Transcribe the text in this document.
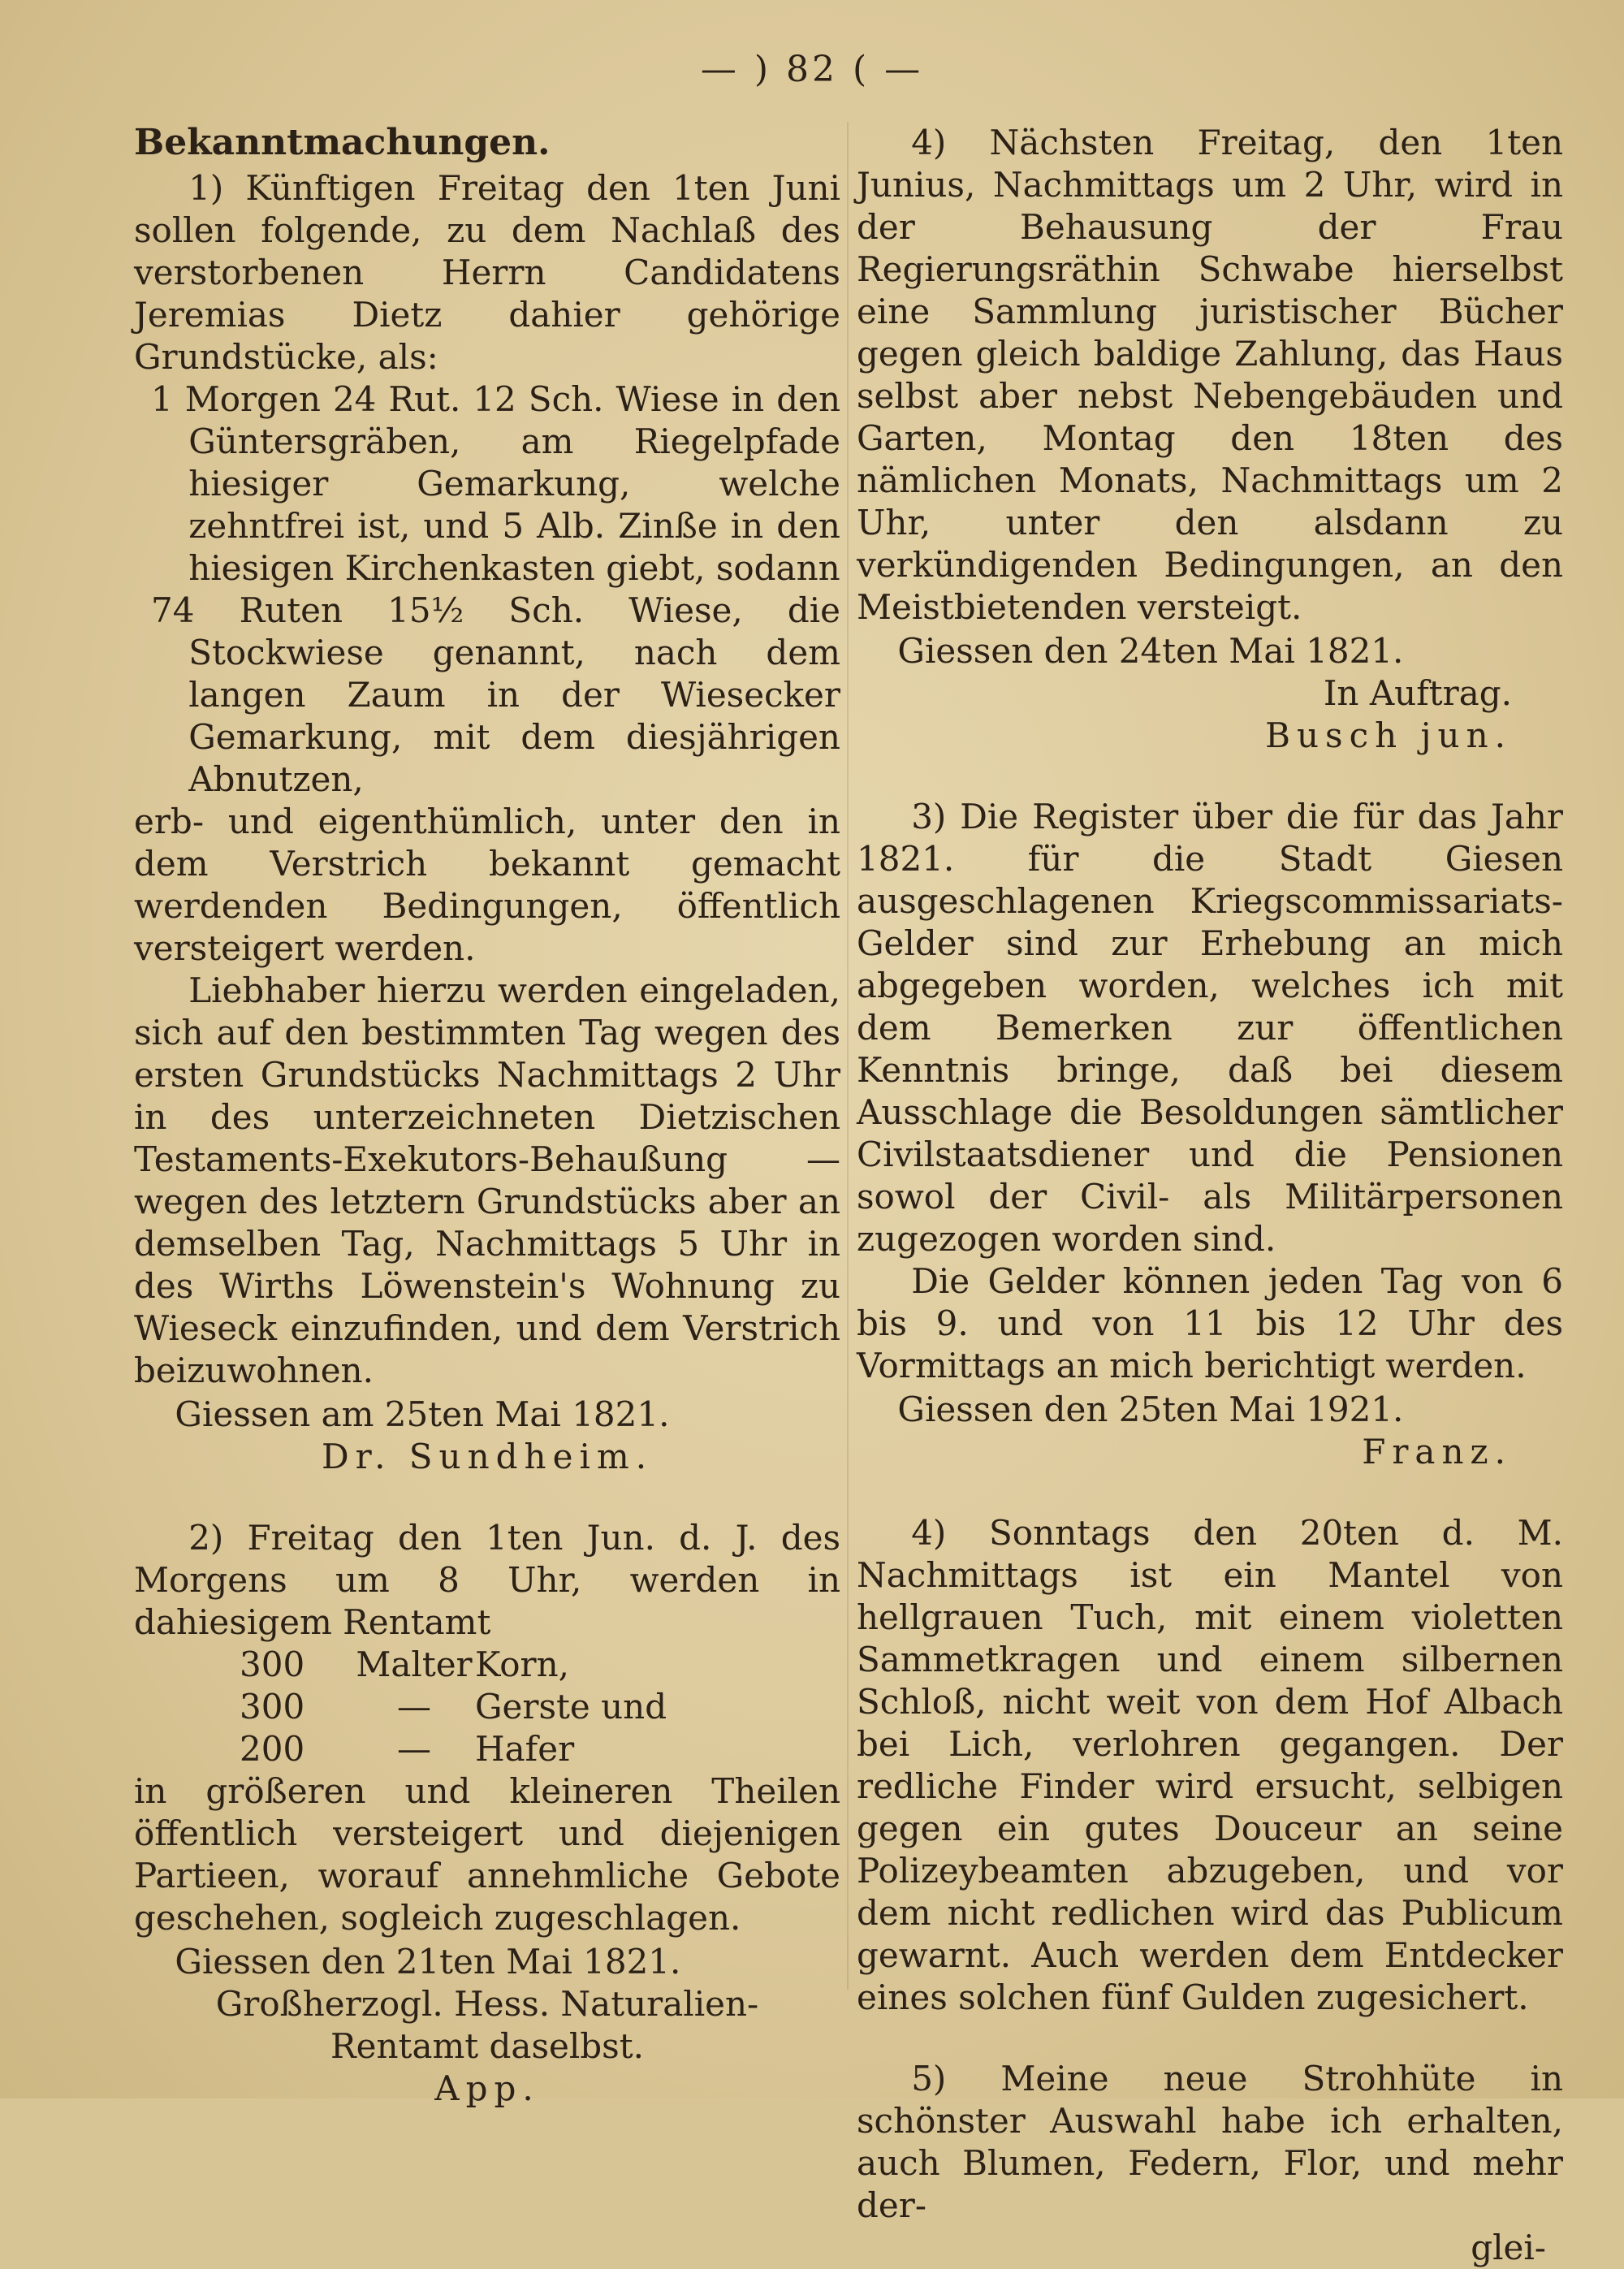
— ) 82 ( —

Bekanntmachungen.

1) Künftigen Freitag den 1ten Juni sollen folgende, zu dem Nachlaß des verstorbenen Herrn Candidatens Jeremias Dietz dahier gehörige Grundstücke, als:

1 Morgen 24 Rut. 12 Sch. Wiese in den Güntersgräben, am Riegelpfade hiesiger Gemarkung, welche zehntfrei ist, und 5 Alb. Zinße in den hiesigen Kirchenkasten giebt, sodann

74 Ruten 15½ Sch. Wiese, die Stockwiese genannt, nach dem langen Zaum in der Wiesecker Gemarkung, mit dem diesjährigen Abnutzen,

erb- und eigenthümlich, unter den in dem Verstrich bekannt gemacht werdenden Bedingungen, öffentlich versteigert werden.

Liebhaber hierzu werden eingeladen, sich auf den bestimmten Tag wegen des ersten Grundstücks Nachmittags 2 Uhr in des unterzeichneten Dietzischen Testaments-Exekutors-Behaußung — wegen des letztern Grundstücks aber an demselben Tag, Nachmittags 5 Uhr in des Wirths Löwenstein's Wohnung zu Wieseck einzufinden, und dem Verstrich beizuwohnen.

Giessen am 25ten Mai 1821.

Dr. Sundheim.

2) Freitag den 1ten Jun. d. J. des Morgens um 8 Uhr, werden in dahiesigem Rentamt

300	Malter Korn,
300	—	Gerste und
200	—	Hafer

in größeren und kleineren Theilen öffentlich versteigert und diejenigen Partieen, worauf annehmliche Gebote geschehen, sogleich zugeschlagen.

Giessen den 21ten Mai 1821.

Großherzogl. Hess. Naturalien-

Rentamt daselbst.

App.

4) Nächsten Freitag, den 1ten Junius, Nachmittags um 2 Uhr, wird in der Behausung der Frau Regierungsräthin Schwabe hierselbst eine Sammlung juristischer Bücher gegen gleich baldige Zahlung, das Haus selbst aber nebst Nebengebäuden und Garten, Montag den 18ten des nämlichen Monats, Nachmittags um 2 Uhr, unter den alsdann zu verkündigenden Bedingungen, an den Meistbietenden versteigt.

Giessen den 24ten Mai 1821.

In Auftrag.

Busch jun.

3) Die Register über die für das Jahr 1821. für die Stadt Giesen ausgeschlagenen Kriegscommissariats-Gelder sind zur Erhebung an mich abgegeben worden, welches ich mit dem Bemerken zur öffentlichen Kenntnis bringe, daß bei diesem Ausschlage die Besoldungen sämtlicher Civilstaatsdiener und die Pensionen sowol der Civil- als Militärpersonen zugezogen worden sind.

Die Gelder können jeden Tag von 6 bis 9. und von 11 bis 12 Uhr des Vormittags an mich berichtigt werden.

Giessen den 25ten Mai 1921.

Franz.

4) Sonntags den 20ten d. M. Nachmittags ist ein Mantel von hellgrauen Tuch, mit einem violetten Sammetkragen und einem silbernen Schloß, nicht weit von dem Hof Albach bei Lich, verlohren gegangen. Der redliche Finder wird ersucht, selbigen gegen ein gutes Douceur an seine Polizeybeamten abzugeben, und vor dem nicht redlichen wird das Publicum gewarnt. Auch werden dem Entdecker eines solchen fünf Gulden zugesichert.

5) Meine neue Strohhüte in schönster Auswahl habe ich erhalten, auch Blumen, Federn, Flor, und mehr der-

glei-
